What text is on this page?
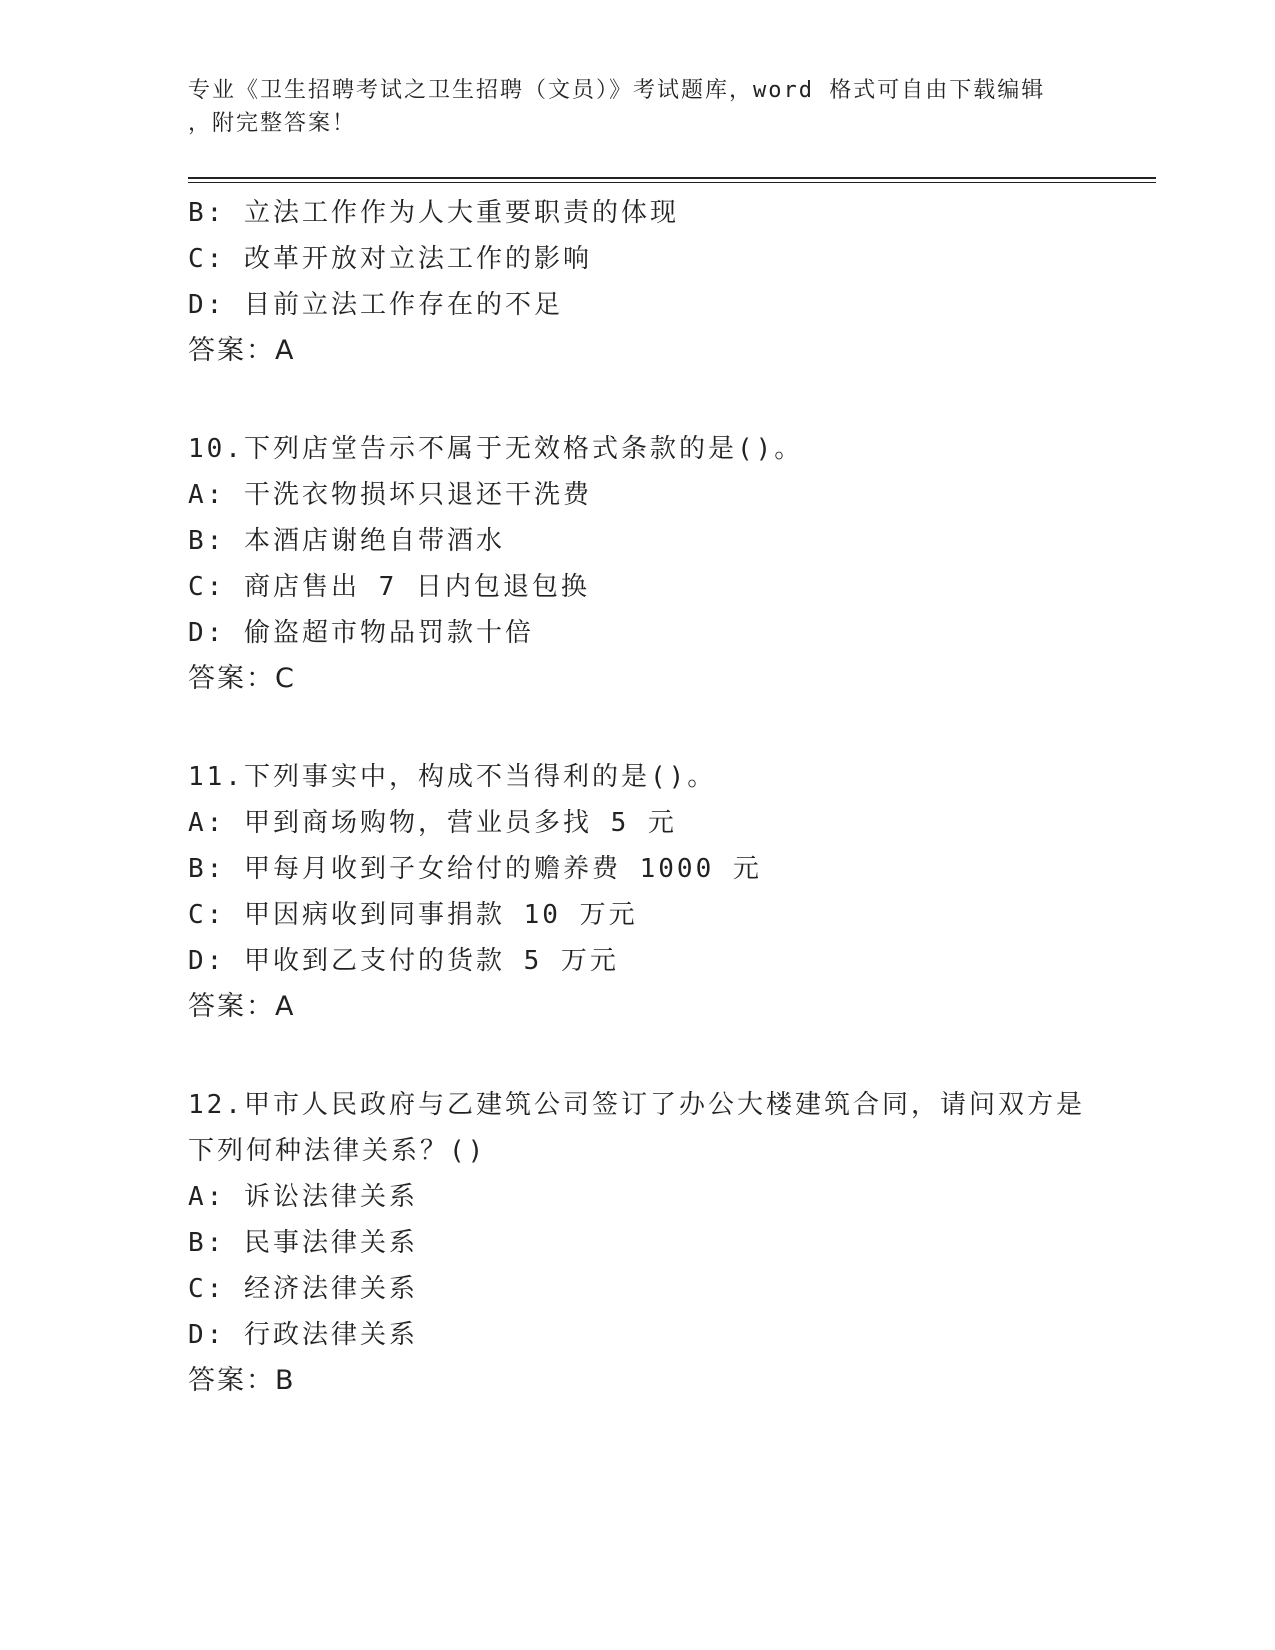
专业《卫生招聘考试之卫生招聘（文员）》考试题库，word 格式可自由下载编辑
，附完整答案！
B: 立法工作作为人大重要职责的体现
C: 改革开放对立法工作的影响
D: 目前立法工作存在的不足
答案：A
10.下列店堂告示不属于无效格式条款的是()。
A: 干洗衣物损坏只退还干洗费
B: 本酒店谢绝自带酒水
C: 商店售出 7 日内包退包换
D: 偷盗超市物品罚款十倍
答案：C
11.下列事实中，构成不当得利的是()。
A: 甲到商场购物，营业员多找 5 元
B: 甲每月收到子女给付的赡养费 1000 元
C: 甲因病收到同事捐款 10 万元
D: 甲收到乙支付的货款 5 万元
答案：A
12.甲市人民政府与乙建筑公司签订了办公大楼建筑合同，请问双方是
下列何种法律关系？()
A: 诉讼法律关系
B: 民事法律关系
C: 经济法律关系
D: 行政法律关系
答案：B
